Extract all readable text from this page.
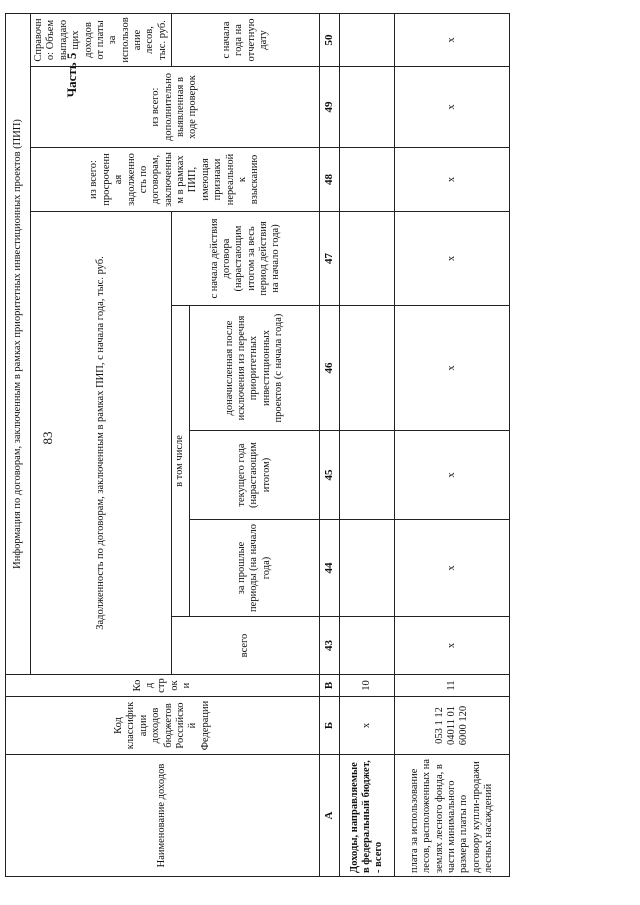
83
Часть 5
Наименование доходов	Код классификации доходов бюджетов Российской Федерации	Код строки	Информация по договорам, заключенным в рамках приоритетных инвестиционных проектов (ПИП)							
			Задолженность по договорам, заключенным в рамках ПИП, с начала года, тыс. руб.					из всего: просроченная задолженность по договорам, заключенным в рамках ПИП, имеющая признаки нереальной к взысканию	из всего: дополнительно выявленная в ходе проверок	Справочно: Объем выпадающих доходов от платы за использование лесов, тыс. руб.
			всего	в том числе			с начала действия договора (нарастающим итогом за весь период действия на начало года)			с начала года на отчетную дату
				за прошлые периоды (на начало года)	текущего года (нарастающим итогом)	доначисленная после исключения из перечня приоритетных инвестиционных проектов (с начала года)				
А	Б	В	43	44	45	46	47	48	49	50
Доходы, направляемые в федеральный бюджет, - всего	x	10								
плата за использование лесов, расположенных на землях лесного фонда, в части минимального размера платы по договору купли-продажи лесных насаждений	053 1 12 04011 01 6000 120	11	x	x	x	x	x	x	x	x
